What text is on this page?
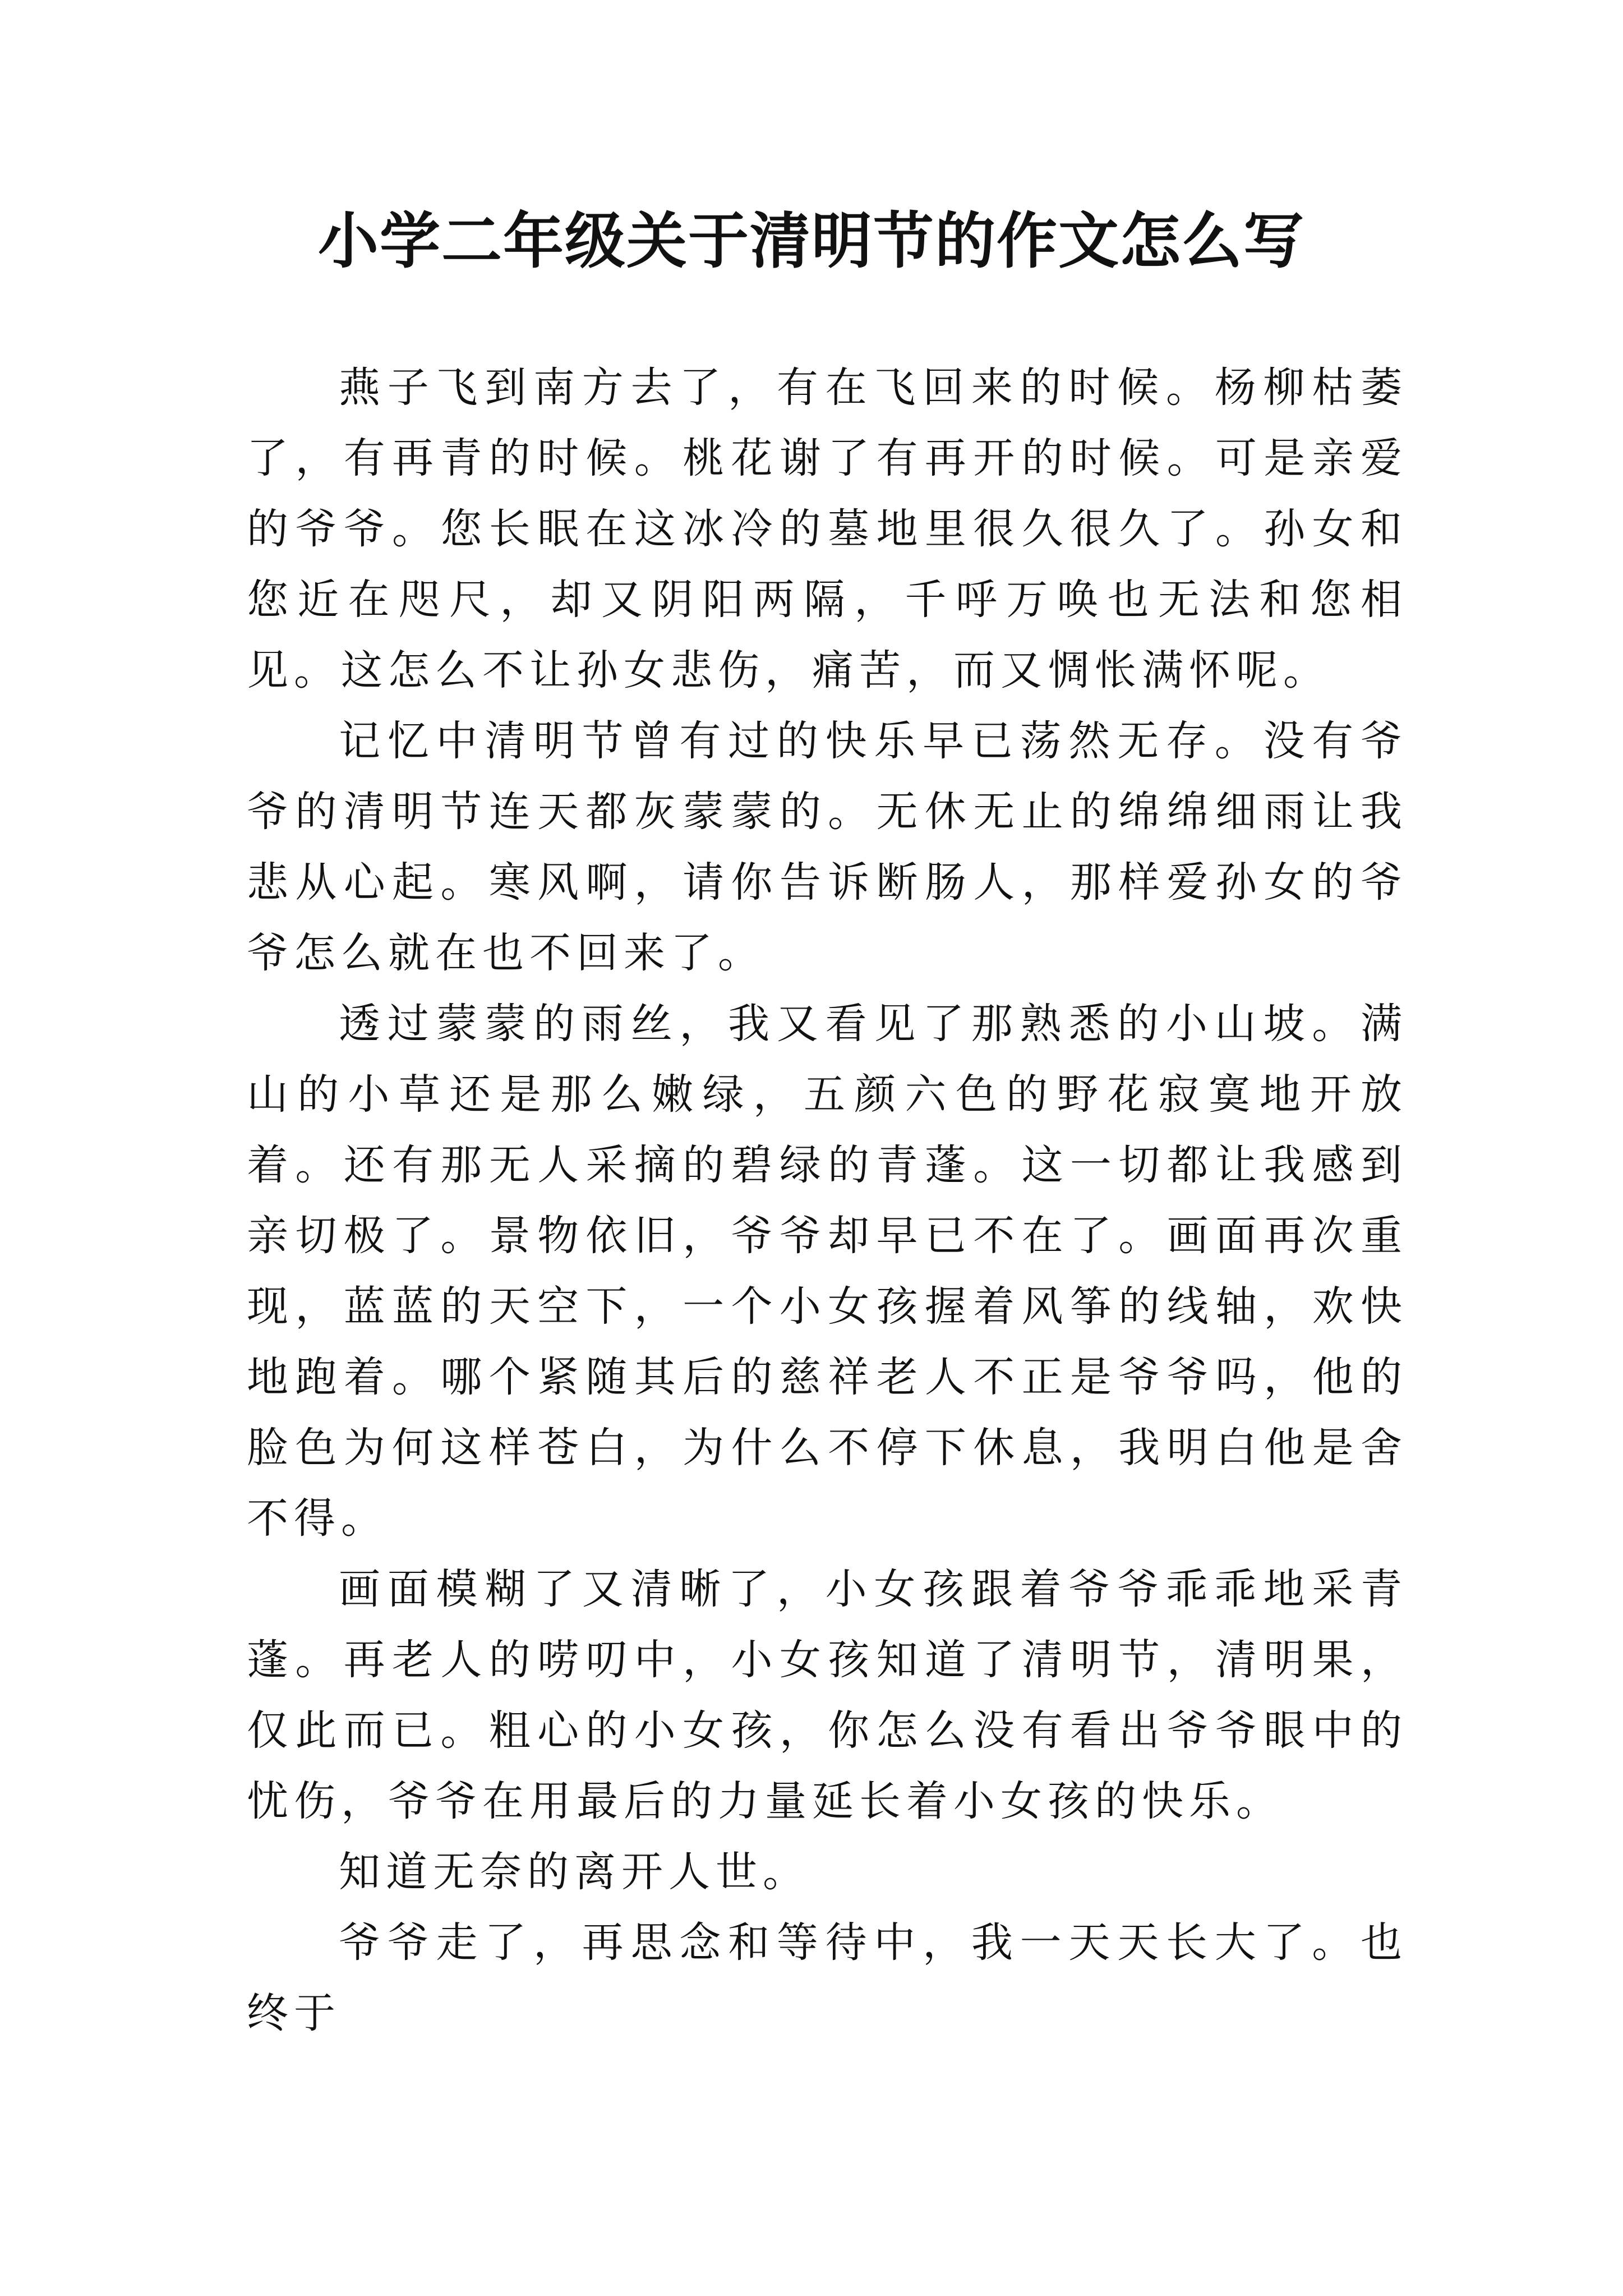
小学二年级关于清明节的作文怎么写

燕子飞到南方去了，有在飞回来的时候。杨柳枯萎了，有再青的时候。桃花谢了有再开的时候。可是亲爱的爷爷。您长眠在这冰冷的墓地里很久很久了。孙女和您近在咫尺，却又阴阳两隔，千呼万唤也无法和您相见。这怎么不让孙女悲伤，痛苦，而又惆怅满怀呢。

记忆中清明节曾有过的快乐早已荡然无存。没有爷爷的清明节连天都灰蒙蒙的。无休无止的绵绵细雨让我悲从心起。寒风啊，请你告诉断肠人，那样爱孙女的爷爷怎么就在也不回来了。

透过蒙蒙的雨丝，我又看见了那熟悉的小山坡。满山的小草还是那么嫩绿，五颜六色的野花寂寞地开放着。还有那无人采摘的碧绿的青蓬。这一切都让我感到亲切极了。景物依旧，爷爷却早已不在了。画面再次重现，蓝蓝的天空下，一个小女孩握着风筝的线轴，欢快地跑着。哪个紧随其后的慈祥老人不正是爷爷吗，他的脸色为何这样苍白，为什么不停下休息，我明白他是舍不得。

画面模糊了又清晰了，小女孩跟着爷爷乖乖地采青蓬。再老人的唠叨中，小女孩知道了清明节，清明果，仅此而已。粗心的小女孩，你怎么没有看出爷爷眼中的忧伤，爷爷在用最后的力量延长着小女孩的快乐。

知道无奈的离开人世。

爷爷走了，再思念和等待中，我一天天长大了。也终于
